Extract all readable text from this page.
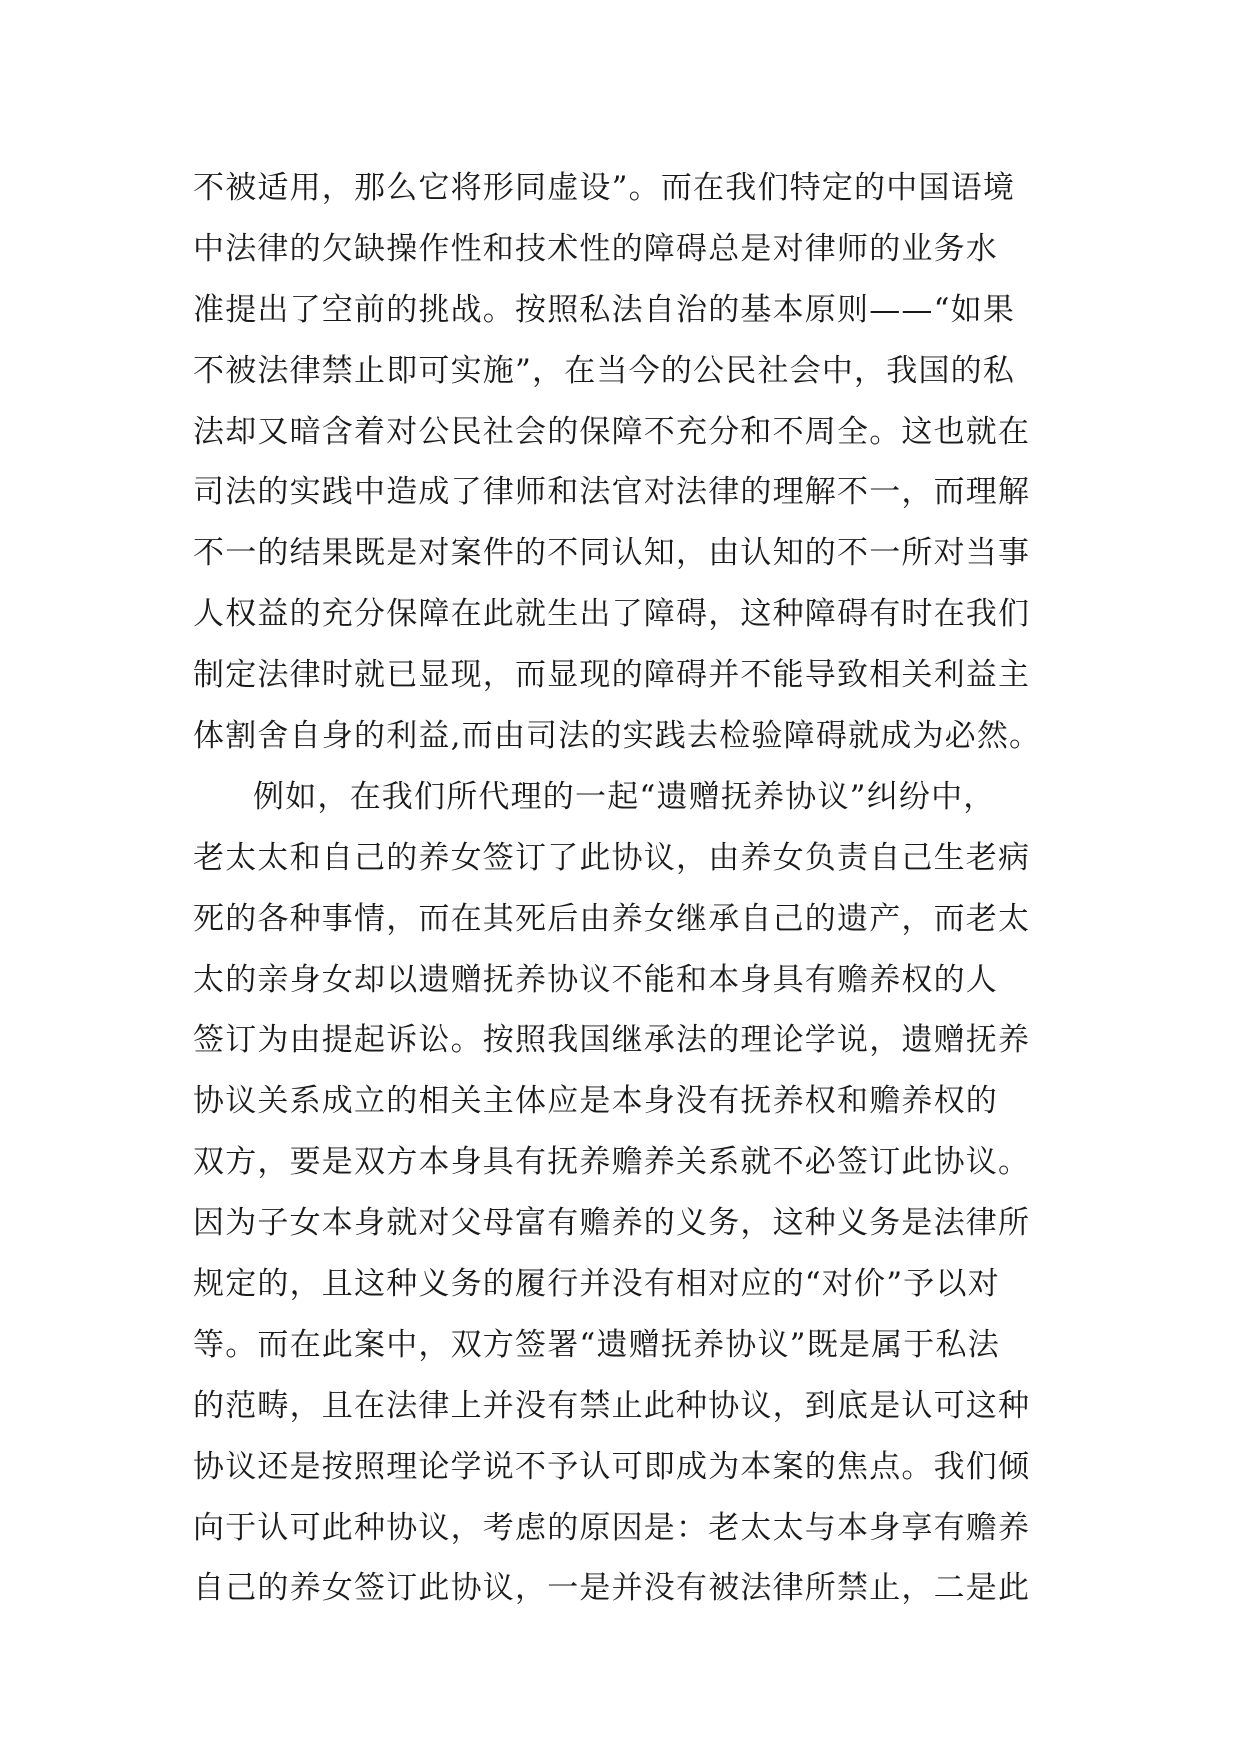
不被适用，那么它将形同虚设”。而在我们特定的中国语境
中法律的欠缺操作性和技术性的障碍总是对律师的业务水
准提出了空前的挑战。按照私法自治的基本原则——“如果
不被法律禁止即可实施”，在当今的公民社会中，我国的私
法却又暗含着对公民社会的保障不充分和不周全。这也就在
司法的实践中造成了律师和法官对法律的理解不一，而理解
不一的结果既是对案件的不同认知，由认知的不一所对当事
人权益的充分保障在此就生出了障碍，这种障碍有时在我们
制定法律时就已显现，而显现的障碍并不能导致相关利益主
体割舍自身的利益,而由司法的实践去检验障碍就成为必然。
例如，在我们所代理的一起“遗赠抚养协议”纠纷中，
老太太和自己的养女签订了此协议，由养女负责自己生老病
死的各种事情，而在其死后由养女继承自己的遗产，而老太
太的亲身女却以遗赠抚养协议不能和本身具有赡养权的人
签订为由提起诉讼。按照我国继承法的理论学说，遗赠抚养
协议关系成立的相关主体应是本身没有抚养权和赡养权的
双方，要是双方本身具有抚养赡养关系就不必签订此协议。
因为子女本身就对父母富有赡养的义务，这种义务是法律所
规定的，且这种义务的履行并没有相对应的“对价”予以对
等。而在此案中，双方签署“遗赠抚养协议”既是属于私法
的范畴，且在法律上并没有禁止此种协议，到底是认可这种
协议还是按照理论学说不予认可即成为本案的焦点。我们倾
向于认可此种协议，考虑的原因是：老太太与本身享有赡养
自己的养女签订此协议，一是并没有被法律所禁止，二是此
